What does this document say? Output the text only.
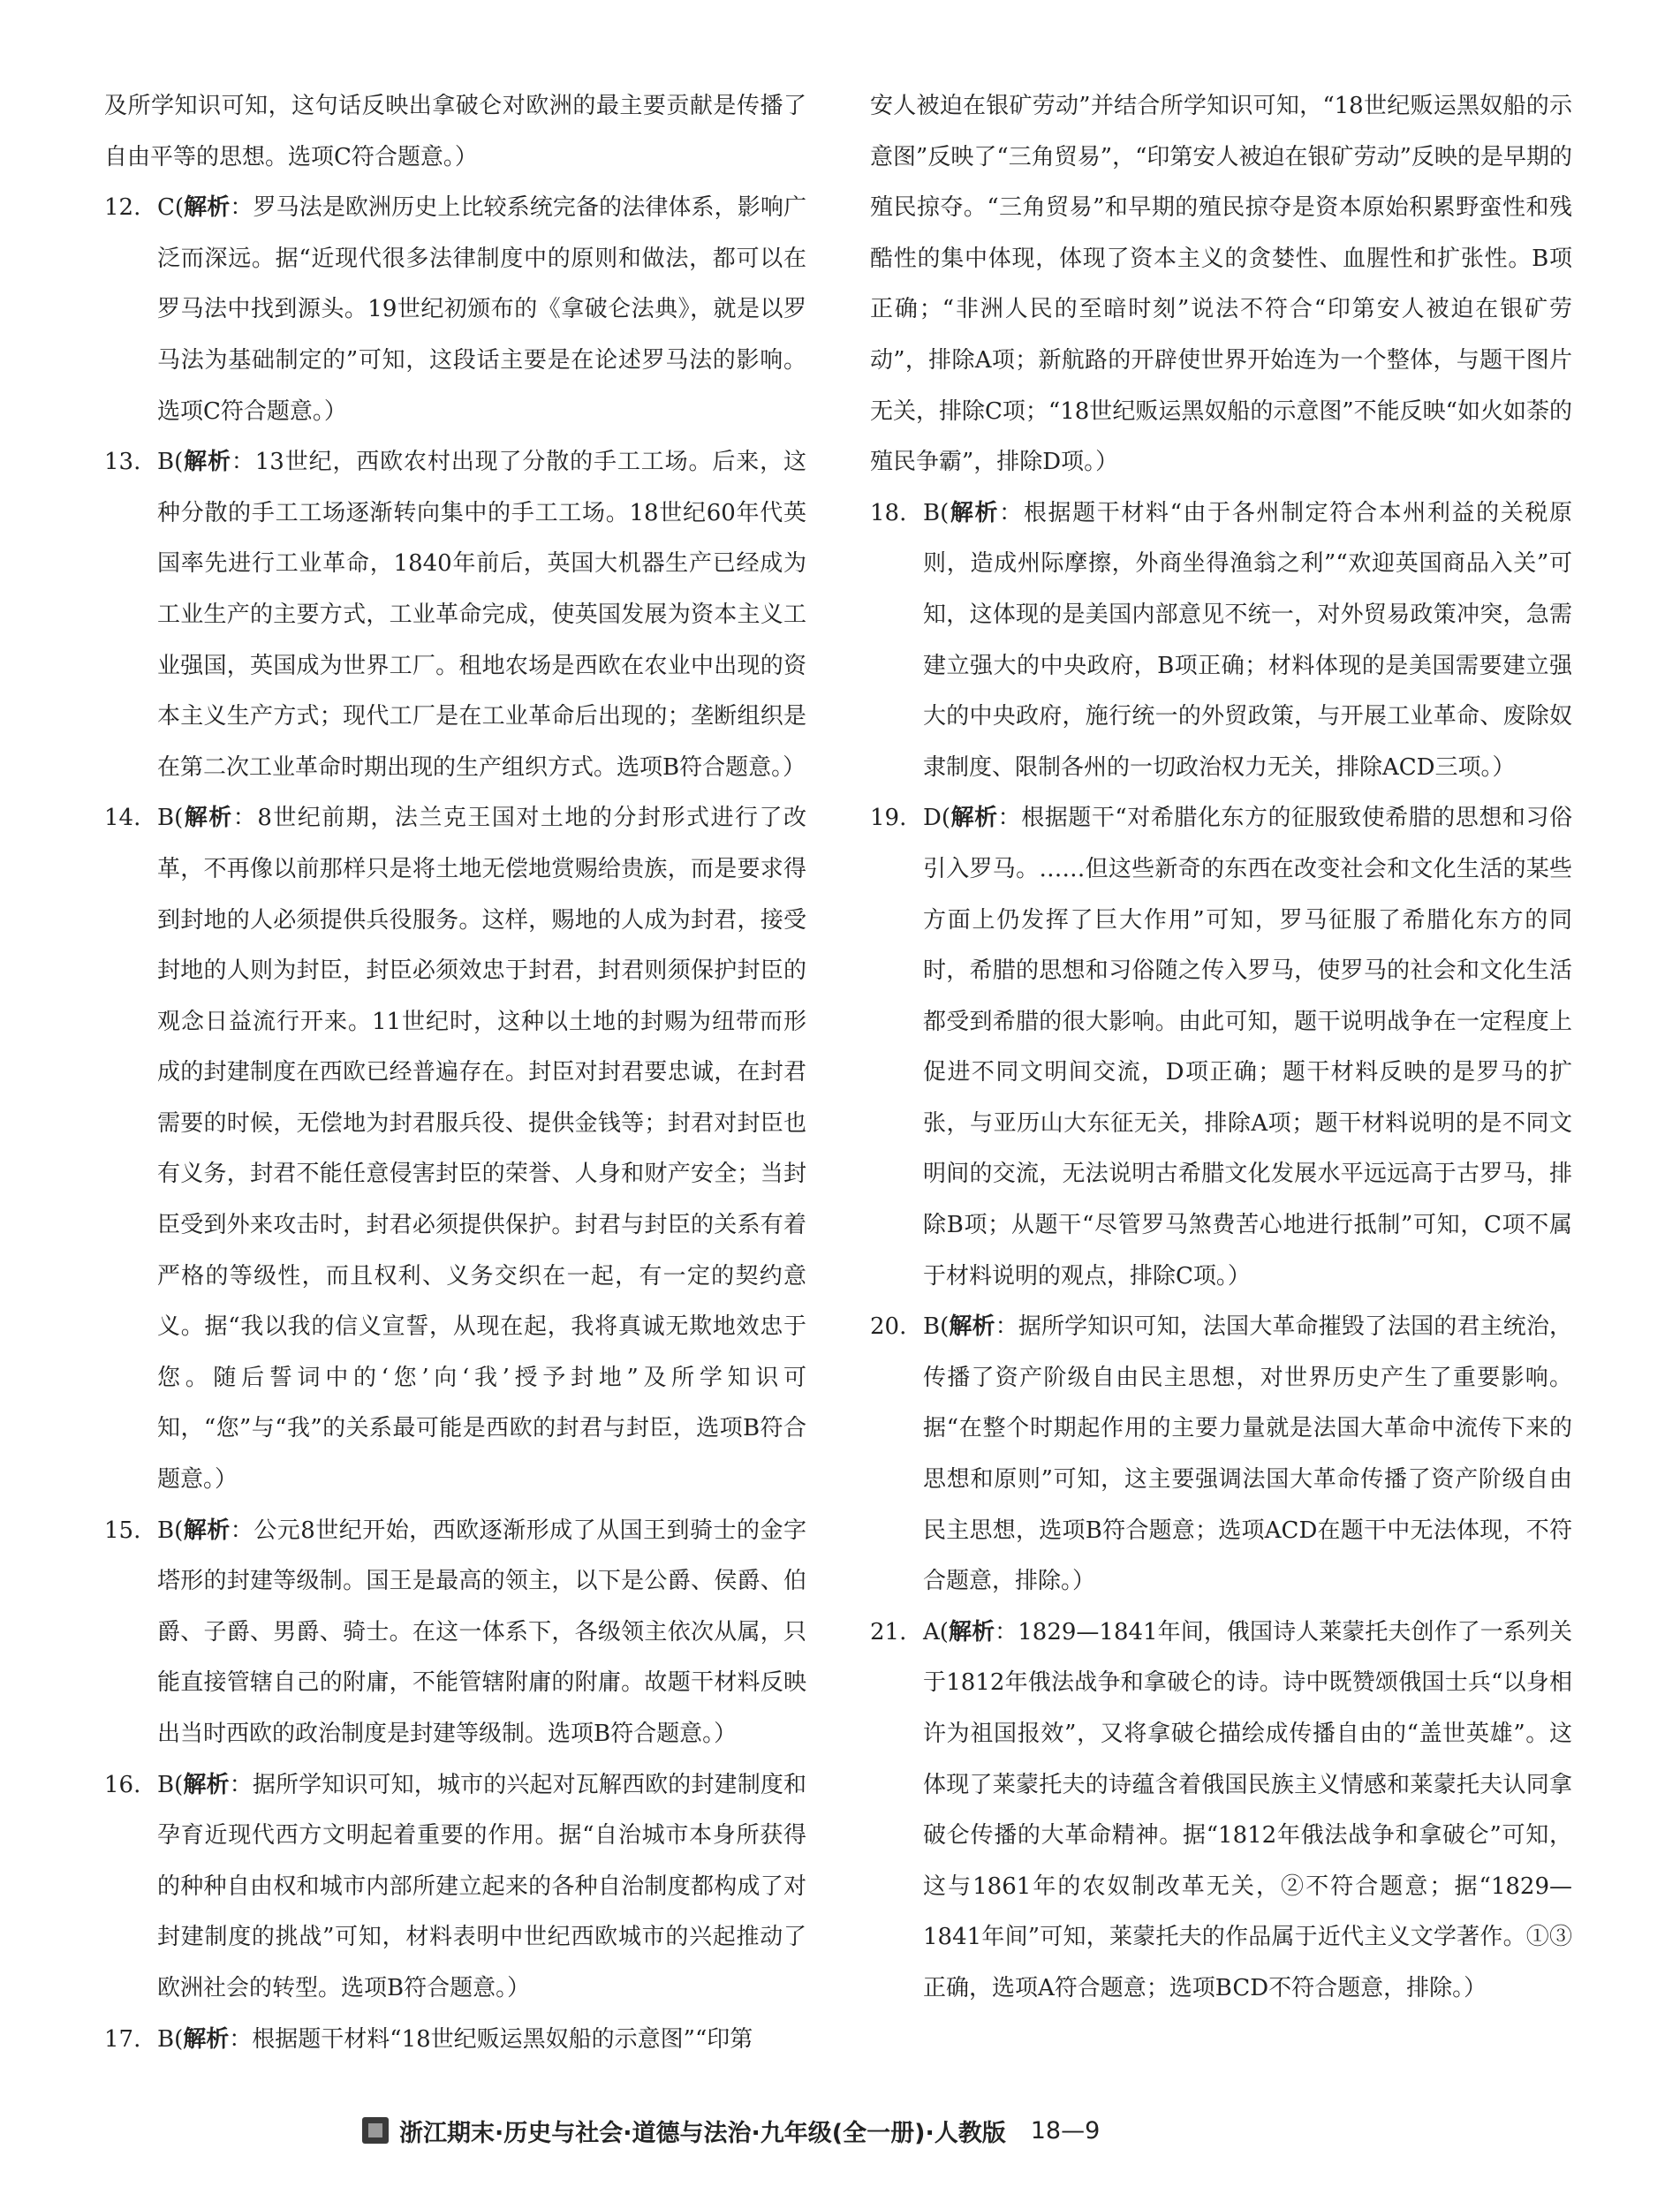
及所学知识可知，这句话反映出拿破仑对欧洲的最主要贡献是传播了自由平等的思想。选项C符合题意。）

12. C(解析：罗马法是欧洲历史上比较系统完备的法律体系，影响广泛而深远。据“近现代很多法律制度中的原则和做法，都可以在罗马法中找到源头。19世纪初颁布的《拿破仑法典》，就是以罗马法为基础制定的”可知，这段话主要是在论述罗马法的影响。选项C符合题意。）
13. B(解析：13世纪，西欧农村出现了分散的手工工场。后来，这种分散的手工工场逐渐转向集中的手工工场。18世纪60年代英国率先进行工业革命，1840年前后，英国大机器生产已经成为工业生产的主要方式，工业革命完成，使英国发展为资本主义工业强国，英国成为世界工厂。租地农场是西欧在农业中出现的资本主义生产方式；现代工厂是在工业革命后出现的；垄断组织是在第二次工业革命时期出现的生产组织方式。选项B符合题意。）
14. B(解析：8世纪前期，法兰克王国对土地的分封形式进行了改革，不再像以前那样只是将土地无偿地赏赐给贵族，而是要求得到封地的人必须提供兵役服务。这样，赐地的人成为封君，接受封地的人则为封臣，封臣必须效忠于封君，封君则须保护封臣的观念日益流行开来。11世纪时，这种以土地的封赐为纽带而形成的封建制度在西欧已经普遍存在。封臣对封君要忠诚，在封君需要的时候，无偿地为封君服兵役、提供金钱等；封君对封臣也有义务，封君不能任意侵害封臣的荣誉、人身和财产安全；当封臣受到外来攻击时，封君必须提供保护。封君与封臣的关系有着严格的等级性，而且权利、义务交织在一起，有一定的契约意义。据“我以我的信义宣誓，从现在起，我将真诚无欺地效忠于您。随后誓词中的‘您’向‘我’授予封地”及所学知识可知，“您”与“我”的关系最可能是西欧的封君与封臣，选项B符合题意。）
15. B(解析：公元8世纪开始，西欧逐渐形成了从国王到骑士的金字塔形的封建等级制。国王是最高的领主，以下是公爵、侯爵、伯爵、子爵、男爵、骑士。在这一体系下，各级领主依次从属，只能直接管辖自己的附庸，不能管辖附庸的附庸。故题干材料反映出当时西欧的政治制度是封建等级制。选项B符合题意。）
16. B(解析：据所学知识可知，城市的兴起对瓦解西欧的封建制度和孕育近现代西方文明起着重要的作用。据“自治城市本身所获得的种种自由权和城市内部所建立起来的各种自治制度都构成了对封建制度的挑战”可知，材料表明中世纪西欧城市的兴起推动了欧洲社会的转型。选项B符合题意。）
17. B(解析：根据题干材料“18世纪贩运黑奴船的示意图”“印第

安人被迫在银矿劳动”并结合所学知识可知，“18世纪贩运黑奴船的示意图”反映了“三角贸易”，“印第安人被迫在银矿劳动”反映的是早期的殖民掠夺。“三角贸易”和早期的殖民掠夺是资本原始积累野蛮性和残酷性的集中体现，体现了资本主义的贪婪性、血腥性和扩张性。B项正确；“非洲人民的至暗时刻”说法不符合“印第安人被迫在银矿劳动”，排除A项；新航路的开辟使世界开始连为一个整体，与题干图片无关，排除C项；“18世纪贩运黑奴船的示意图”不能反映“如火如荼的殖民争霸”，排除D项。）

18. B(解析：根据题干材料“由于各州制定符合本州利益的关税原则，造成州际摩擦，外商坐得渔翁之利”“欢迎英国商品入关”可知，这体现的是美国内部意见不统一，对外贸易政策冲突，急需建立强大的中央政府，B项正确；材料体现的是美国需要建立强大的中央政府，施行统一的外贸政策，与开展工业革命、废除奴隶制度、限制各州的一切政治权力无关，排除ACD三项。）
19. D(解析：根据题干“对希腊化东方的征服致使希腊的思想和习俗引入罗马。……但这些新奇的东西在改变社会和文化生活的某些方面上仍发挥了巨大作用”可知，罗马征服了希腊化东方的同时，希腊的思想和习俗随之传入罗马，使罗马的社会和文化生活都受到希腊的很大影响。由此可知，题干说明战争在一定程度上促进不同文明间交流，D项正确；题干材料反映的是罗马的扩张，与亚历山大东征无关，排除A项；题干材料说明的是不同文明间的交流，无法说明古希腊文化发展水平远远高于古罗马，排除B项；从题干“尽管罗马煞费苦心地进行抵制”可知，C项不属于材料说明的观点，排除C项。）
20. B(解析：据所学知识可知，法国大革命摧毁了法国的君主统治，传播了资产阶级自由民主思想，对世界历史产生了重要影响。据“在整个时期起作用的主要力量就是法国大革命中流传下来的思想和原则”可知，这主要强调法国大革命传播了资产阶级自由民主思想，选项B符合题意；选项ACD在题干中无法体现，不符合题意，排除。）
21. A(解析：1829—1841年间，俄国诗人莱蒙托夫创作了一系列关于1812年俄法战争和拿破仑的诗。诗中既赞颂俄国士兵“以身相许为祖国报效”，又将拿破仑描绘成传播自由的“盖世英雄”。这体现了莱蒙托夫的诗蕴含着俄国民族主义情感和莱蒙托夫认同拿破仑传播的大革命精神。据“1812年俄法战争和拿破仑”可知，这与1861年的农奴制改革无关，②不符合题意；据“1829—1841年间”可知，莱蒙托夫的作品属于近代主义文学著作。①③正确，选项A符合题意；选项BCD不符合题意，排除。）
浙江期末·历史与社会·道德与法治·九年级(全一册)·人教版 18—9
